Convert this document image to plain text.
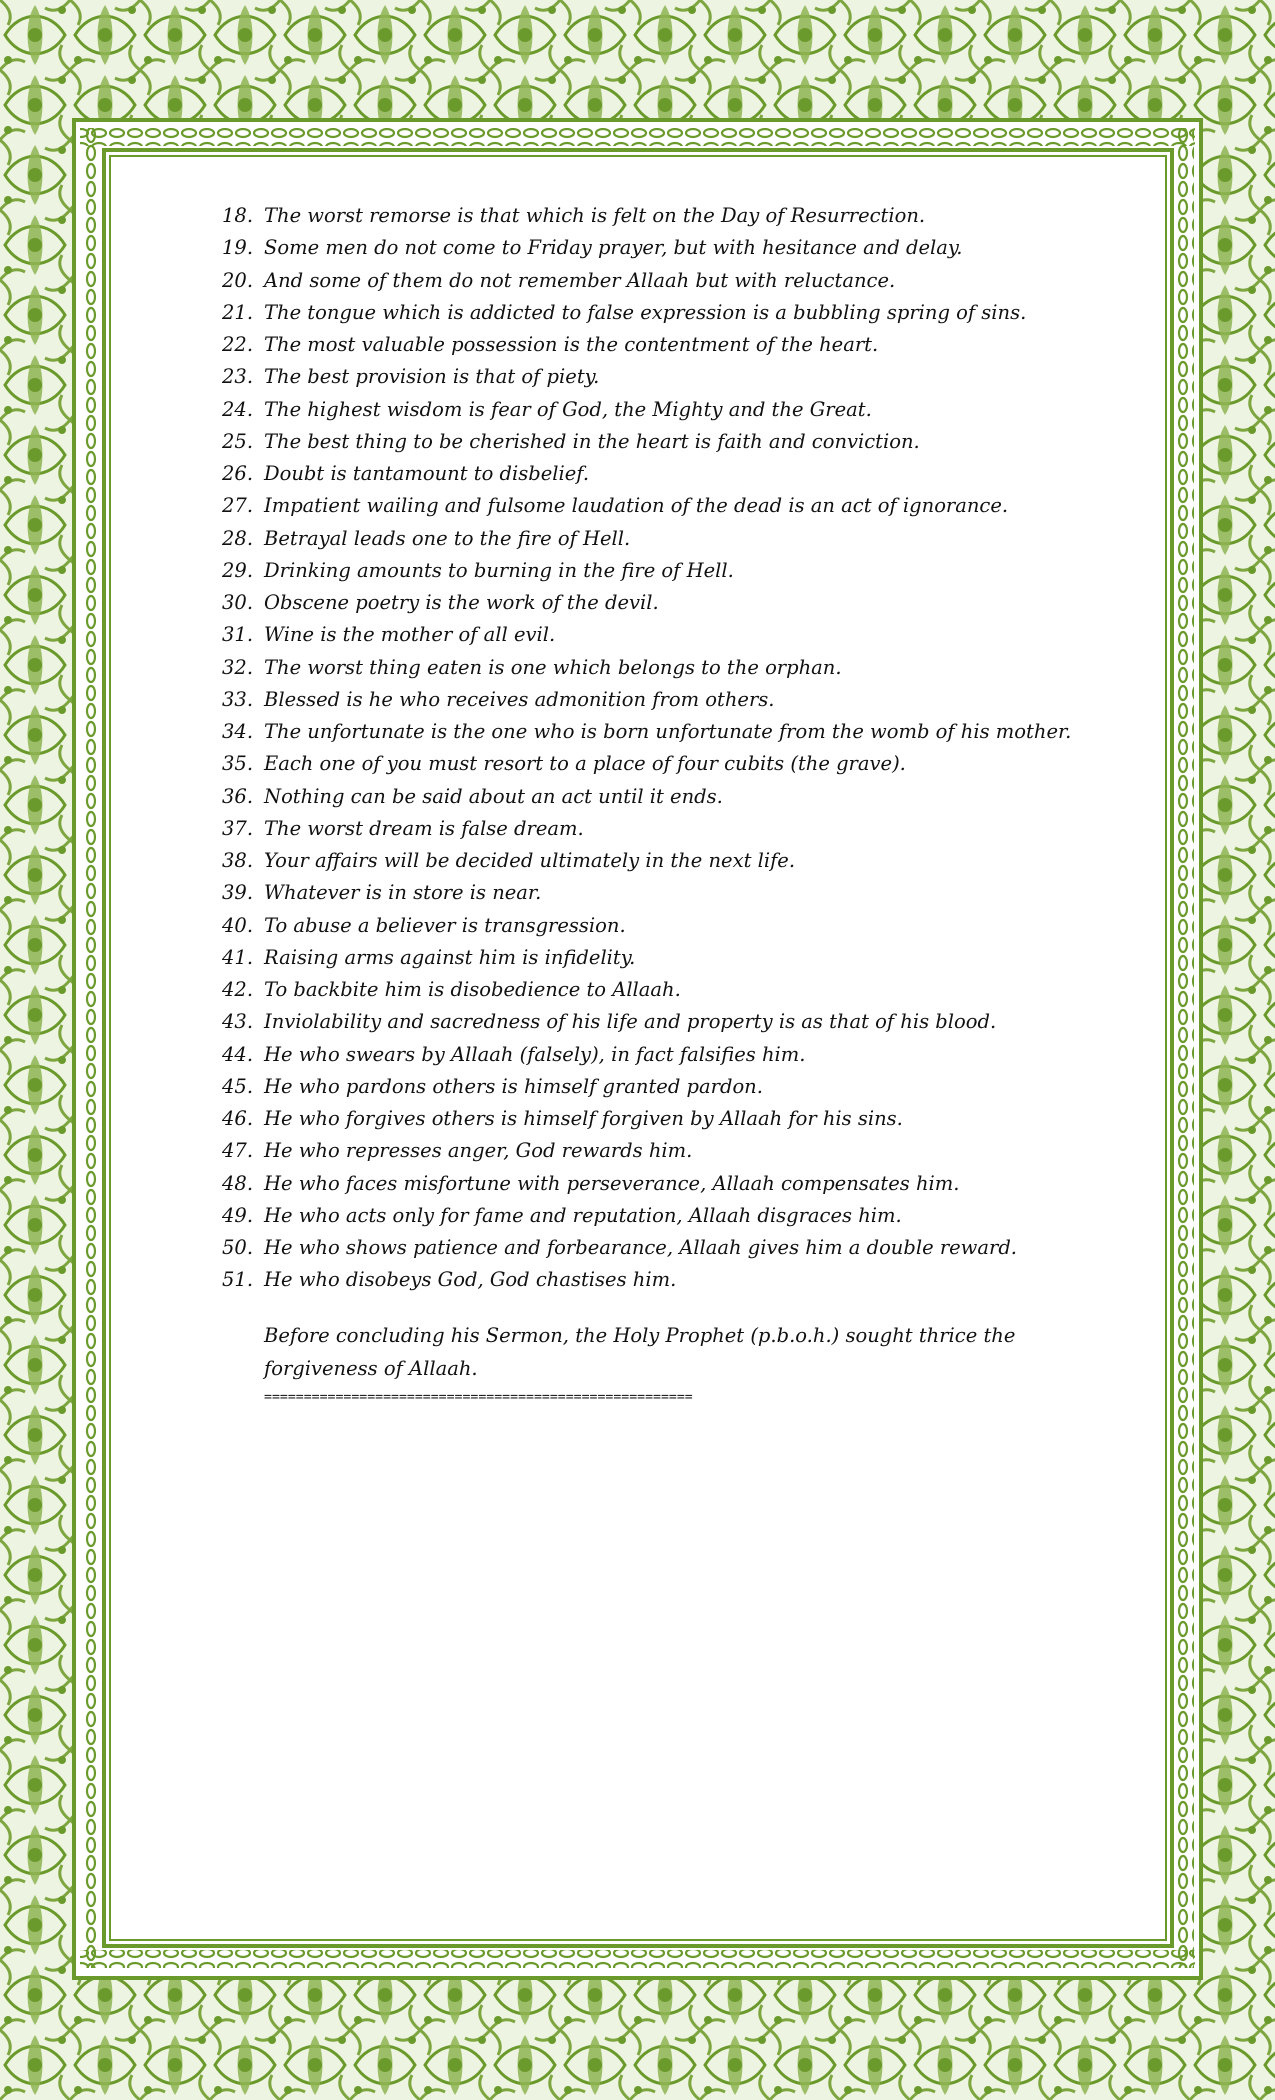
18. The worst remorse is that which is felt on the Day of Resurrection.
19. Some men do not come to Friday prayer, but with hesitance and delay.
20. And some of them do not remember Allaah but with reluctance.
21. The tongue which is addicted to false expression is a bubbling spring of sins.
22. The most valuable possession is the contentment of the heart.
23. The best provision is that of piety.
24. The highest wisdom is fear of God, the Mighty and the Great.
25. The best thing to be cherished in the heart is faith and conviction.
26. Doubt is tantamount to disbelief.
27. Impatient wailing and fulsome laudation of the dead is an act of ignorance.
28. Betrayal leads one to the fire of Hell.
29. Drinking amounts to burning in the fire of Hell.
30. Obscene poetry is the work of the devil.
31. Wine is the mother of all evil.
32. The worst thing eaten is one which belongs to the orphan.
33. Blessed is he who receives admonition from others.
34. The unfortunate is the one who is born unfortunate from the womb of his mother.
35. Each one of you must resort to a place of four cubits (the grave).
36. Nothing can be said about an act until it ends.
37. The worst dream is false dream.
38. Your affairs will be decided ultimately in the next life.
39. Whatever is in store is near.
40. To abuse a believer is transgression.
41. Raising arms against him is infidelity.
42. To backbite him is disobedience to Allaah.
43. Inviolability and sacredness of his life and property is as that of his blood.
44. He who swears by Allaah (falsely), in fact falsifies him.
45. He who pardons others is himself granted pardon.
46. He who forgives others is himself forgiven by Allaah for his sins.
47. He who represses anger, God rewards him.
48. He who faces misfortune with perseverance, Allaah compensates him.
49. He who acts only for fame and reputation, Allaah disgraces him.
50. He who shows patience and forbearance, Allaah gives him a double reward.
51. He who disobeys God, God chastises him.
Before concluding his Sermon, the Holy Prophet (p.b.o.h.) sought thrice the forgiveness of Allaah.
======================================================
